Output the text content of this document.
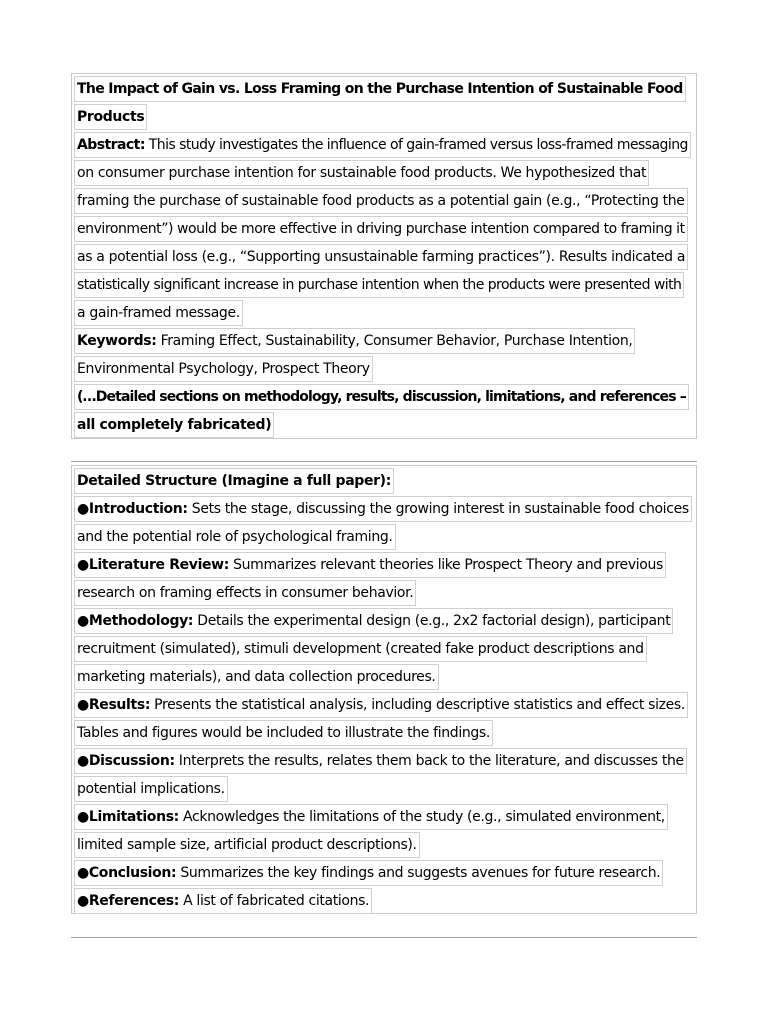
The Impact of Gain vs. Loss Framing on the Purchase Intention of Sustainable Food
Products
Abstract: This study investigates the influence of gain-framed versus loss-framed messaging
on consumer purchase intention for sustainable food products. We hypothesized that
framing the purchase of sustainable food products as a potential gain (e.g., “Protecting the
environment”) would be more effective in driving purchase intention compared to framing it
as a potential loss (e.g., “Supporting unsustainable farming practices”). Results indicated a
statistically significant increase in purchase intention when the products were presented with
a gain-framed message.
Keywords: Framing Effect, Sustainability, Consumer Behavior, Purchase Intention,
Environmental Psychology, Prospect Theory
(…Detailed sections on methodology, results, discussion, limitations, and references –
all completely fabricated)
Detailed Structure (Imagine a full paper):
●Introduction: Sets the stage, discussing the growing interest in sustainable food choices
and the potential role of psychological framing.
●Literature Review: Summarizes relevant theories like Prospect Theory and previous
research on framing effects in consumer behavior.
●Methodology: Details the experimental design (e.g., 2x2 factorial design), participant
recruitment (simulated), stimuli development (created fake product descriptions and
marketing materials), and data collection procedures.
●Results: Presents the statistical analysis, including descriptive statistics and effect sizes.
Tables and figures would be included to illustrate the findings.
●Discussion: Interprets the results, relates them back to the literature, and discusses the
potential implications.
●Limitations: Acknowledges the limitations of the study (e.g., simulated environment,
limited sample size, artificial product descriptions).
●Conclusion: Summarizes the key findings and suggests avenues for future research.
●References: A list of fabricated citations.
